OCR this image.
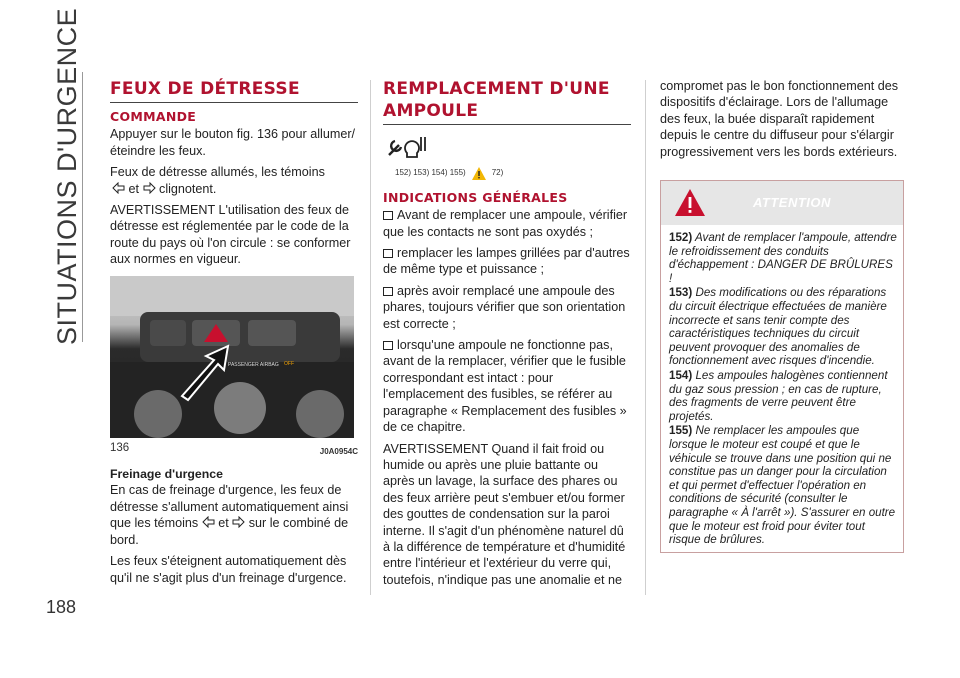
SITUATIONS D'URGENCE
188
FEUX DE DÉTRESSE
COMMANDE

Appuyer sur le bouton fig. 136 pour allumer/éteindre les feux.

Feux de détresse allumés, les témoins
et clignotent.

AVERTISSEMENT L'utilisation des feux de détresse est réglementée par le code de la route du pays où l'on circule : se conformer aux normes en vigueur.

PASSENGER AIRBAG OFF
136	J0A0954C
Freinage d'urgence

En cas de freinage d'urgence, les feux de détresse s'allument automatiquement ainsi que les témoins et sur le combiné de bord.

Les feux s'éteignent automatiquement dès qu'il ne s'agit plus d'un freinage d'urgence.

REMPLACEMENT D'UNE AMPOULE
152) 153) 154) 155)	72)
INDICATIONS GÉNÉRALES

Avant de remplacer une ampoule, vérifier que les contacts ne sont pas oxydés ;

remplacer les lampes grillées par d'autres de même type et puissance ;

après avoir remplacé une ampoule des phares, toujours vérifier que son orientation est correcte ;

lorsqu'une ampoule ne fonctionne pas, avant de la remplacer, vérifier que le fusible correspondant est intact : pour l'emplacement des fusibles, se référer au paragraphe « Remplacement des fusibles » de ce chapitre.

AVERTISSEMENT Quand il fait froid ou humide ou après une pluie battante ou après un lavage, la surface des phares ou des feux arrière peut s'embuer et/ou former des gouttes de condensation sur la paroi interne. Il s'agit d'un phénomène naturel dû à la différence de température et d'humidité entre l'intérieur et l'extérieur du verre qui, toutefois, n'indique pas une anomalie et ne

compromet pas le bon fonctionnement des dispositifs d'éclairage. Lors de l'allumage des feux, la buée disparaît rapidement depuis le centre du diffuseur pour s'élargir progressivement vers les bords extérieurs.

ATTENTION
152) Avant de remplacer l'ampoule, attendre le refroidissement des conduits d'échappement : DANGER DE BRÛLURES !
153) Des modifications ou des réparations du circuit électrique effectuées de manière incorrecte et sans tenir compte des caractéristiques techniques du circuit peuvent provoquer des anomalies de fonctionnement avec risques d'incendie.
154) Les ampoules halogènes contiennent du gaz sous pression ; en cas de rupture, des fragments de verre peuvent être projetés.
155) Ne remplacer les ampoules que lorsque le moteur est coupé et que le véhicule se trouve dans une position qui ne constitue pas un danger pour la circulation et qui permet d'effectuer l'opération en conditions de sécurité (consulter le paragraphe « À l'arrêt »). S'assurer en outre que le moteur est froid pour éviter tout risque de brûlures.
